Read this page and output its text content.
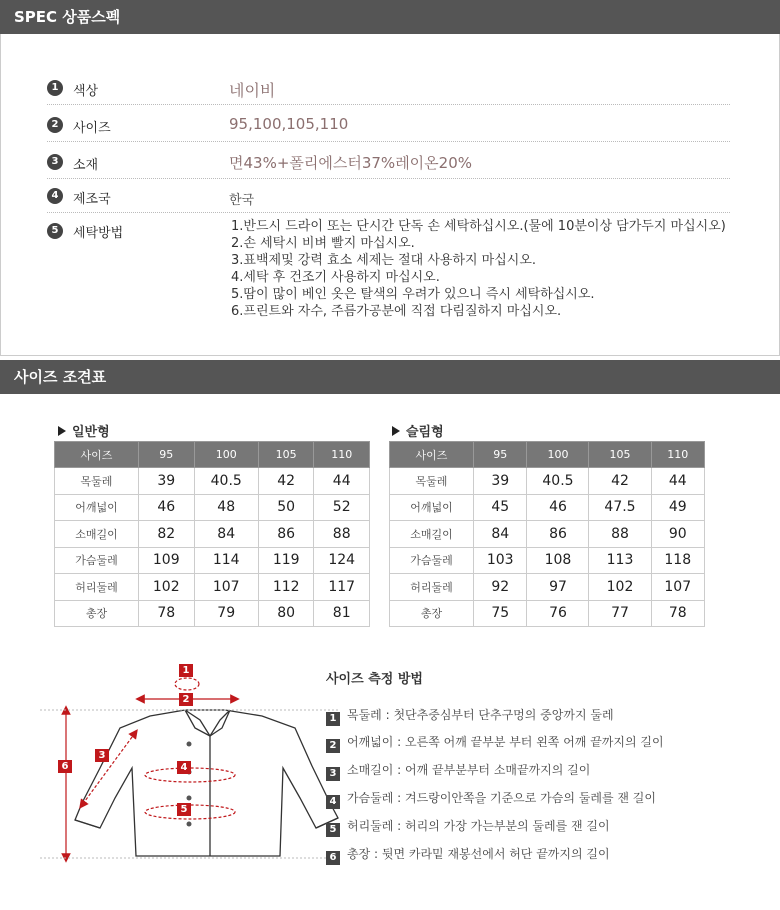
SPEC 상품스펙
1	색상	네이비
2	사이즈	95,100,105,110
3	소재	면43%+폴리에스터37%레이온20%
4	제조국	한국
5	세탁방법	1.반드시 드라이 또는 단시간 단독 손 세탁하십시오.(물에 10분이상 담가두지 마십시오)
2.손 세탁시 비벼 빨지 마십시오.
3.표백제및 강력 효소 세제는 절대 사용하지 마십시오.
4.세탁 후 건조기 사용하지 마십시오.
5.땀이 많이 베인 옷은 탈색의 우려가 있으니 즉시 세탁하십시오.
6.프린트와 자수, 주름가공분에 직접 다림질하지 마십시오.
사이즈 조견표
일반형	슬림형
사이즈	95	100	105	110
목둘레	39	40.5	42	44
어깨넓이	46	48	50	52
소매길이	82	84	86	88
가슴둘레	109	114	119	124
허리둘레	102	107	112	117
총장	78	79	80	81
사이즈	95	100	105	110
목둘레	39	40.5	42	44
어깨넓이	45	46	47.5	49
소매길이	84	86	88	90
가슴둘레	103	108	113	118
허리둘레	92	97	102	107
총장	75	76	77	78
1
2
3
4
5
6
사이즈 측정 방법
1 목둘레 : 첫단추중심부터 단추구멍의 중앙까지 둘레
2 어깨넓이 : 오른쪽 어깨 끝부분 부터 왼쪽 어깨 끝까지의 길이
3 소매길이 : 어깨 끝부분부터 소매끝까지의 길이
4 가슴둘레 : 겨드랑이안쪽을 기준으로 가슴의 둘레를 잰 길이
5 허리둘레 : 허리의 가장 가는부분의 둘레를 잰 길이
6 총장 : 뒷면 카라밑 재봉선에서 허단 끝까지의 길이
